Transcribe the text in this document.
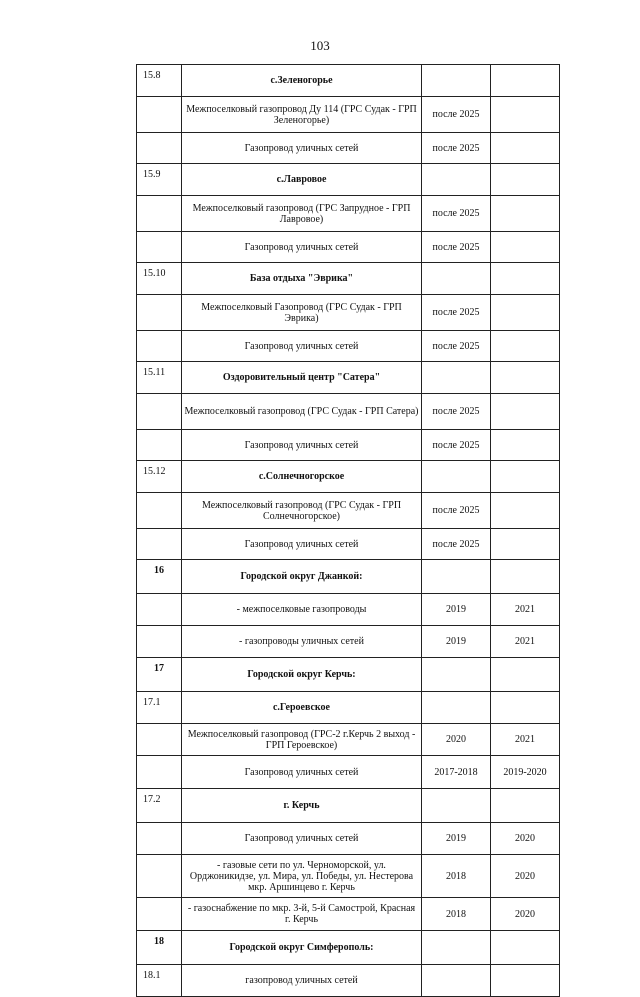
103
15.8	с.Зеленогорье		
	Межпоселковый газопровод Ду 114 (ГРС Судак - ГРП Зеленогорье)	после 2025	
	Газопровод уличных сетей	после 2025	
15.9	с.Лавровое		
	Межпоселковый газопровод (ГРС Запрудное - ГРП Лавровое)	после 2025	
	Газопровод уличных сетей	после 2025	
15.10	База отдыха "Эврика"		
	Межпоселковый Газопровод (ГРС Судак - ГРП Эврика)	после 2025	
	Газопровод уличных сетей	после 2025	
15.11	Оздоровительный центр "Сатера"		
	Межпоселковый газопровод (ГРС Судак - ГРП Сатера)	после 2025	
	Газопровод уличных сетей	после 2025	
15.12	с.Солнечногорское		
	Межпоселковый газопровод (ГРС Судак - ГРП Солнечногорское)	после 2025	
	Газопровод уличных сетей	после 2025	
16	Городской округ Джанкой:		
	- межпоселковые газопроводы	2019	2021
	- газопроводы уличных сетей	2019	2021
17	Городской округ Керчь:		
17.1	с.Героевское		
	Межпоселковый газопровод (ГРС-2 г.Керчь 2 выход - ГРП Героевское)	2020	2021
	Газопровод уличных сетей	2017-2018	2019-2020
17.2	г. Керчь		
	Газопровод уличных сетей	2019	2020
	- газовые сети по ул. Черноморской, ул. Орджоникидзе, ул. Мира, ул. Победы, ул. Нестерова мкр. Аршинцево г. Керчь	2018	2020
	- газоснабжение по мкр. 3-й, 5-й Самострой, Красная г. Керчь	2018	2020
18	Городской округ Симферополь:		
18.1	газопровод уличных сетей		
